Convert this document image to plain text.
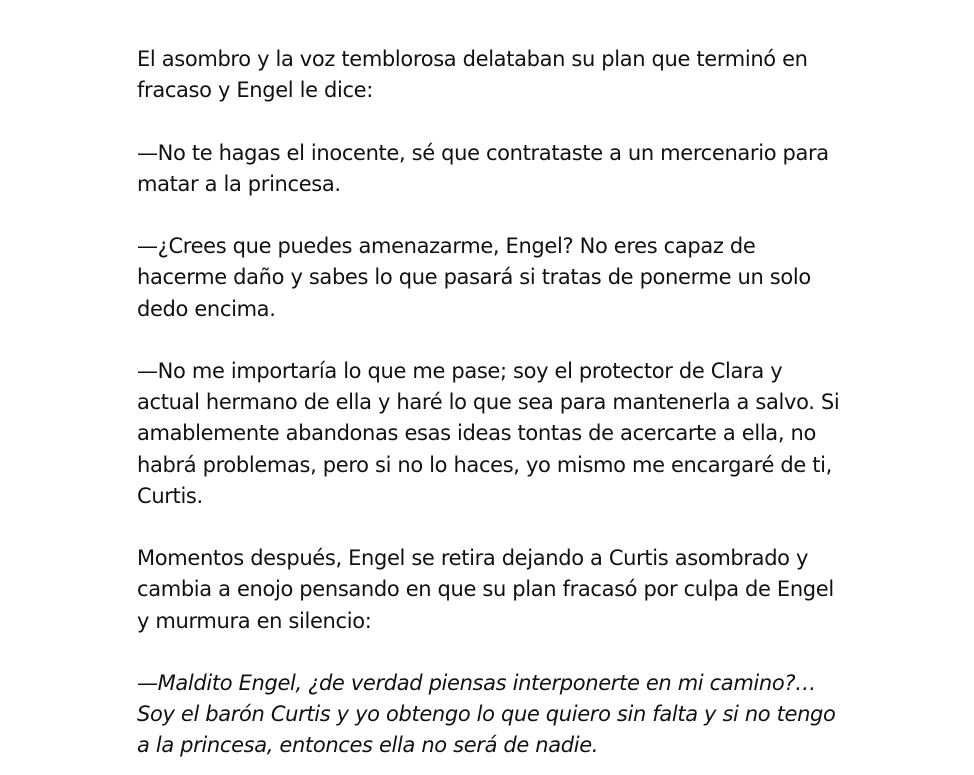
El asombro y la voz temblorosa delataban su plan que terminó en
fracaso y Engel le dice:

—No te hagas el inocente, sé que contrataste a un mercenario para
matar a la princesa.

—¿Crees que puedes amenazarme, Engel? No eres capaz de
hacerme daño y sabes lo que pasará si tratas de ponerme un solo
dedo encima.

—No me importaría lo que me pase; soy el protector de Clara y
actual hermano de ella y haré lo que sea para mantenerla a salvo. Si
amablemente abandonas esas ideas tontas de acercarte a ella, no
habrá problemas, pero si no lo haces, yo mismo me encargaré de ti,
Curtis.

Momentos después, Engel se retira dejando a Curtis asombrado y
cambia a enojo pensando en que su plan fracasó por culpa de Engel
y murmura en silencio:

—Maldito Engel, ¿de verdad piensas interponerte en mi camino?…
Soy el barón Curtis y yo obtengo lo que quiero sin falta y si no tengo
a la princesa, entonces ella no será de nadie.
